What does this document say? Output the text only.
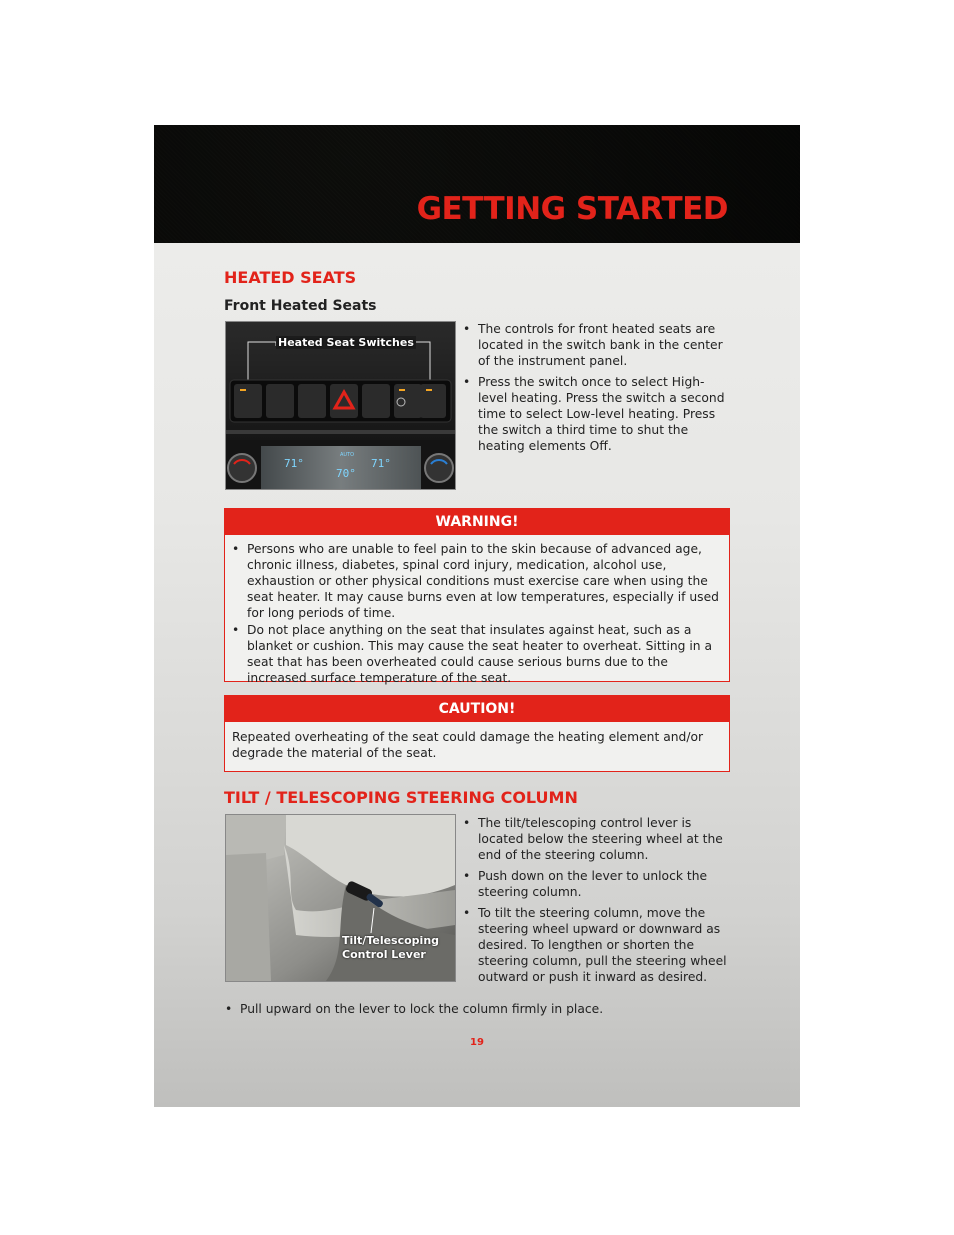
GETTING STARTED
HEATED SEATS
Front Heated Seats
71°
70°
71°
AUTO
Heated Seat Switches
• The controls for front heated seats are located in the switch bank in the center of the instrument panel.
• Press the switch once to select High-level heating. Press the switch a second time to select Low-level heating. Press the switch a third time to shut the heating elements Off.
WARNING!
• Persons who are unable to feel pain to the skin because of advanced age, chronic illness, diabetes, spinal cord injury, medication, alcohol use, exhaustion or other physical conditions must exercise care when using the seat heater. It may cause burns even at low temperatures, especially if used for long periods of time.
• Do not place anything on the seat that insulates against heat, such as a blanket or cushion. This may cause the seat heater to overheat. Sitting in a seat that has been overheated could cause serious burns due to the increased surface temperature of the seat.
CAUTION!
Repeated overheating of the seat could damage the heating element and/or degrade the material of the seat.
TILT / TELESCOPING STEERING COLUMN
Tilt/Telescoping
Control Lever
• The tilt/telescoping control lever is located below the steering wheel at the end of the steering column.
• Push down on the lever to unlock the steering column.
• To tilt the steering column, move the steering wheel upward or downward as desired. To lengthen or shorten the steering column, pull the steering wheel outward or push it inward as desired.
• Pull upward on the lever to lock the column firmly in place.
19
